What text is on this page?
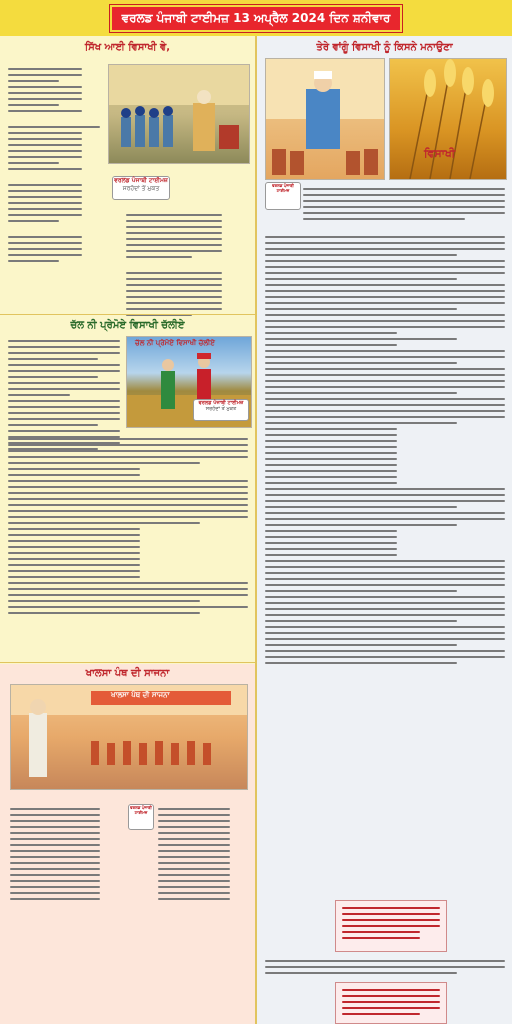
ਵਰਲਡ ਪੰਜਾਬੀ ਟਾਈਮਜ਼ 13 ਅਪ੍ਰੈਲ 2024 ਦਿਨ ਸ਼ਨੀਵਾਰ
ਸਿੱਖ ਆਈ ਵਿਸਾਖੀ ਵੇ,
ਵਰਲਡ ਪੰਜਾਬੀ ਟਾਈਮਜ਼
ਸਰਹੱਦਾਂ ਤੋਂ ਮੁਕਤ
ਚੱਲ ਨੀ ਪ੍ਰੇਮੋਏ ਵਿਸਾਖੀ ਚੱਲੀਏ
ਚੱਲ ਨੀ ਪ੍ਰੇਮੋਏ ਵਿਸਾਖੀ ਚੱਲੀਏ
ਵਰਲਡ ਪੰਜਾਬੀ ਟਾਈਮਜ਼
ਸਰਹੱਦਾਂ ਤੋਂ ਮੁਕਤ
ਖਾਲਸਾ ਪੰਥ ਦੀ ਸਾਜਨਾ
ਖਾਲਸਾ ਪੰਥ ਦੀ ਸਾਜਨਾ
ਵਰਲਡ ਪੰਜਾਬੀ ਟਾਈਮਜ਼
ਤੇਰੇ ਵਾਂਗੂੰ ਵਿਸਾਖੀ ਨੂੰ ਕਿਸਨੇ ਮਨਾਉਣਾ
ਵਿਸਾਖੀ
ਵਰਲਡ ਪੰਜਾਬੀ ਟਾਈਮਜ਼
